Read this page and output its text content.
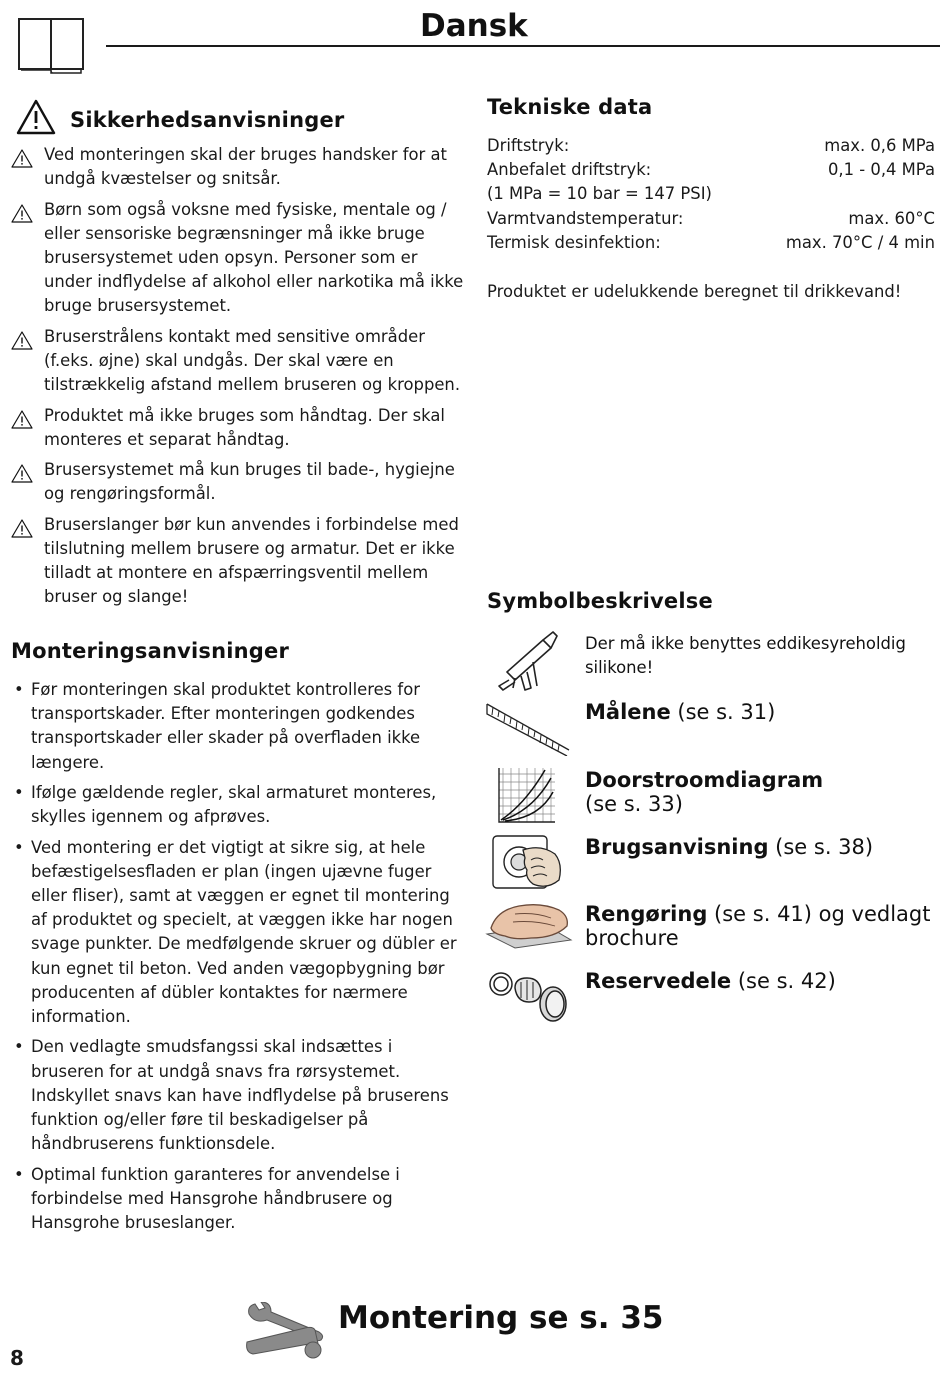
Dansk
Sikkerhedsanvisninger
Ved monteringen skal der bruges handsker for at undgå kvæstelser og snitsår.
Børn som også voksne med fysiske, mentale og / eller sensoriske begrænsninger må ikke bruge brusersystemet uden opsyn. Personer som er under indflydelse af alkohol eller narkotika må ikke bruge brusersystemet.
Bruserstrålens kontakt med sensitive områder (f.eks. øjne) skal undgås. Der skal være en tilstrækkelig afstand mellem bruseren og kroppen.
Produktet må ikke bruges som håndtag. Der skal monteres et separat håndtag.
Brusersystemet må kun bruges til bade-, hygiejne og rengøringsformål.
Bruserslanger bør kun anvendes i forbindelse med tilslutning mellem brusere og armatur. Det er ikke tilladt at montere en afspærringsventil mellem bruser og slange!
Monteringsanvisninger
• Før monteringen skal produktet kontrolleres for transportskader. Efter monteringen godkendes transportskader eller skader på overfladen ikke længere.
• Ifølge gældende regler, skal armaturet monteres, skylles igennem og afprøves.
• Ved montering er det vigtigt at sikre sig, at hele befæstigelsesfladen er plan (ingen ujævne fuger eller fliser), samt at væggen er egnet til montering af produktet og specielt, at væggen ikke har nogen svage punkter. De medfølgende skruer og dübler er kun egnet til beton. Ved anden vægopbygning bør producenten af dübler kontaktes for nærmere information.
• Den vedlagte smudsfangssi skal indsættes i bruseren for at undgå snavs fra rørsystemet. Indskyllet snavs kan have indflydelse på bruserens funktion og/eller føre til beskadigelser på håndbruserens funktionsdele.
• Optimal funktion garanteres for anvendelse i forbindelse med Hansgrohe håndbrusere og Hansgrohe bruseslanger.
Tekniske data
Driftstryk:	max. 0,6 MPa
Anbefalet driftstryk:	0,1 - 0,4 MPa
(1 MPa = 10 bar = 147 PSI)
Varmtvandstemperatur:	max. 60°C
Termisk desinfektion:	max. 70°C / 4 min
Produktet er udelukkende beregnet til drikkevand!
Symbolbeskrivelse
Der må ikke benyttes eddikesyreholdig silikone!
Målene (se s. 31)
Doorstroomdiagram
(se s. 33)
Brugsanvisning (se s. 38)
Rengøring (se s. 41) og vedlagt brochure
Reservedele (se s. 42)
Montering se s. 35
8
